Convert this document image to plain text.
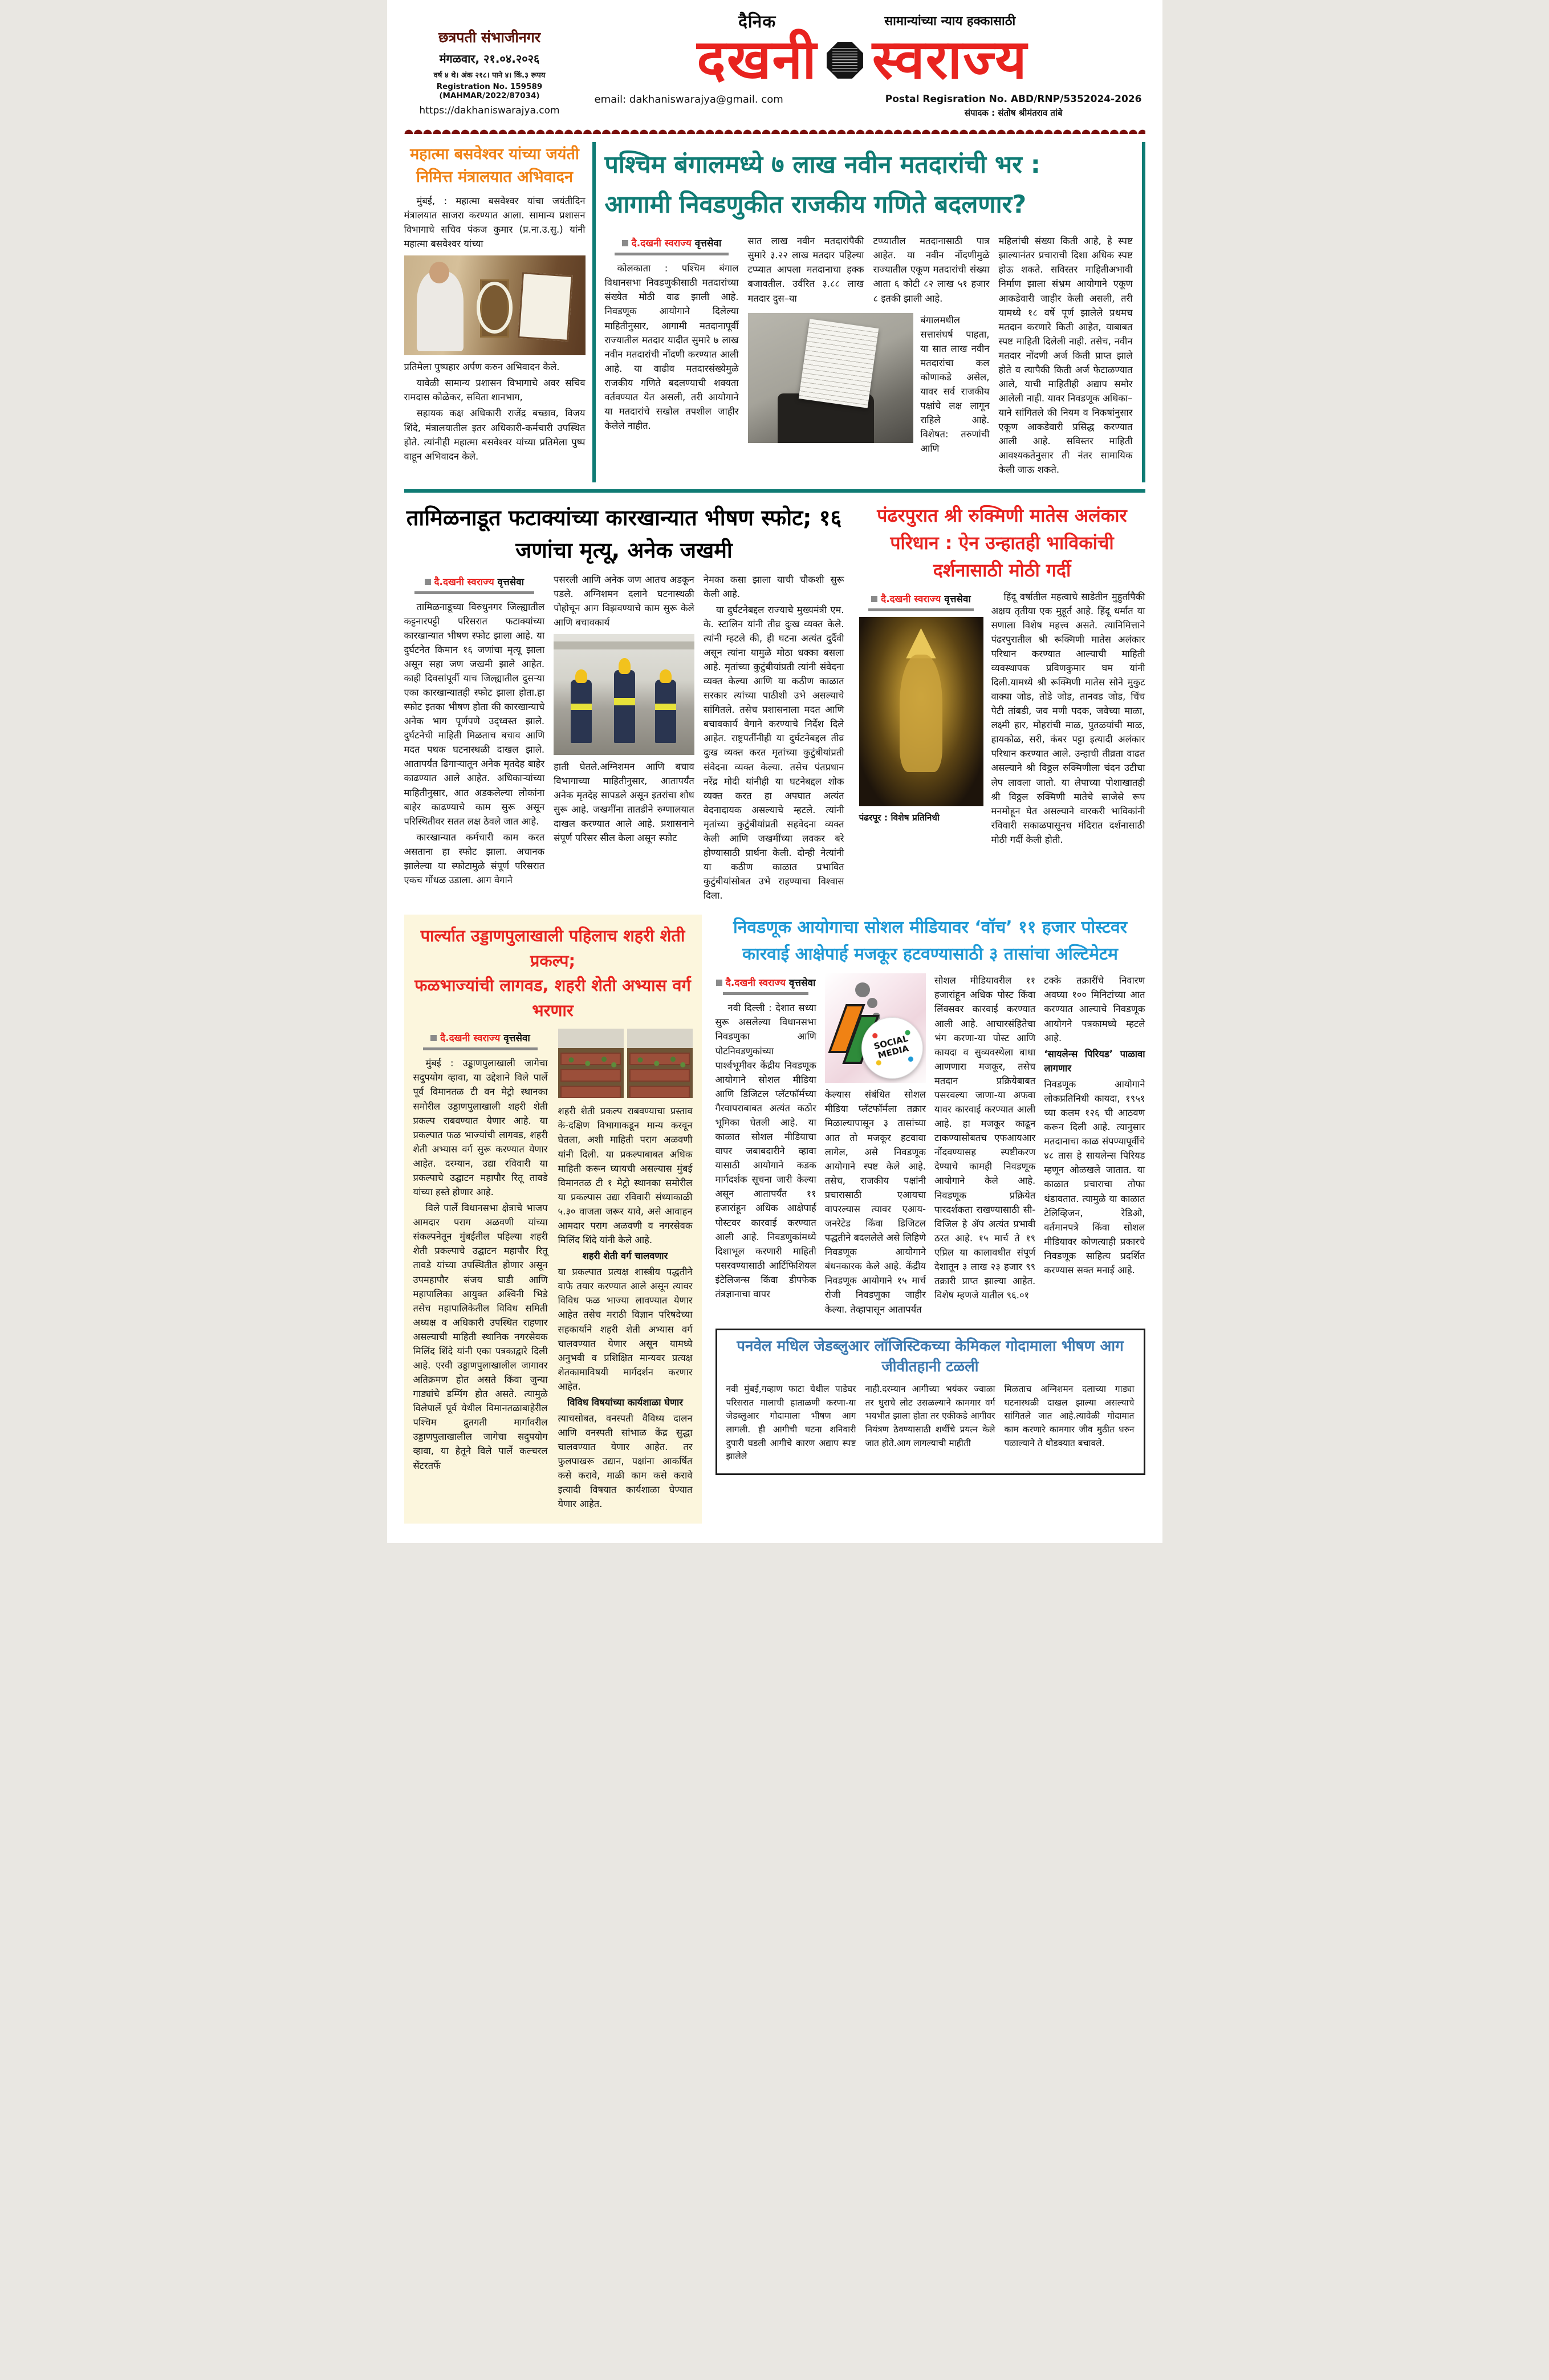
छत्रपती संभाजीनगर
मंगळवार, २१.०४.२०२६
वर्ष ४ थे। अंक २१८। पाने ४। किं.३ रूपय
Registration No. 159589 (MAHMAR/2022/87034)
https://dakhaniswarajya.com
दैनिक
दखनी
सामान्यांच्या न्याय हक्कासाठी
स्वराज्य
email: dakhaniswarajya@gmail. com	Postal Regisration No. ABD/RNP/5352024-2026
संपादक : संतोष श्रीमंतराव तांबे
महात्मा बसवेश्वर यांच्या जयंती निमित्त मंत्रालयात अभिवादन

मुंबई, : महात्मा बसवेश्वर यांचा जयंतीदिन मंत्रालयात साजरा करण्यात आला. सामान्य प्रशासन विभागाचे सचिव पंकज कुमार (प्र.ना.उ.सु.) यांनी महात्मा बसवेश्वर यांच्या

प्रतिमेला पुष्पहार अर्पण करुन अभिवादन केले.

यावेळी सामान्य प्रशासन विभागाचे अवर सचिव रामदास कोळेकर, सविता शानभाग,

सहायक कक्ष अधिकारी राजेंद्र बच्छाव, विजय शिंदे, मंत्रालयातील इतर अधिकारी-कर्मचारी उपस्थित होते. त्यांनीही महात्मा बसवेश्वर यांच्या प्रतिमेला पुष्प वाहून अभिवादन केले.

पश्चिम बंगालमध्ये ७ लाख नवीन मतदारांची भर :
आगामी निवडणुकीत राजकीय गणिते बदलणार?
दै.दखनी स्वराज्य वृत्तसेवा

कोलकाता : पश्चिम बंगाल विधानसभा निवडणुकीसाठी मतदारांच्या संख्येत मोठी वाढ झाली आहे. निवडणूक आयोगाने दिलेल्या माहितीनुसार, आगामी मतदानापूर्वी राज्यातील मतदार यादीत सुमारे ७ लाख नवीन मतदारांची नोंदणी करण्यात आली आहे. या वाढीव मतदारसंख्येमुळे राजकीय गणिते बदलण्याची शक्यता वर्तवण्यात येत असली, तरी आयोगाने या मतदारांचे सखोल तपशील जाहीर केलेले नाहीत.

सात लाख नवीन मतदारांपैकी सुमारे ३.२२ लाख मतदार पहिल्या टप्प्यात आपला मतदानाचा हक्क बजावतील. उर्वरित ३.८८ लाख मतदार दुस–या

टप्प्यातील मतदानासाठी पात्र आहेत. या नवीन नोंदणीमुळे राज्यातील एकूण मतदारांची संख्या आता ६ कोटी ८२ लाख ५१ हजार ८ इतकी झाली आहे.

बंगालमधील सत्तासंघर्ष पाहता, या सात लाख नवीन मतदारांचा कल कोणाकडे असेल, यावर सर्व राजकीय पक्षांचे लक्ष लागून राहिले आहे. विशेषत: तरुणांची आणि

महिलांची संख्या किती आहे, हे स्पष्ट झाल्यानंतर प्रचाराची दिशा अधिक स्पष्ट होऊ शकते. सविस्तर माहितीअभावी निर्माण झाला संभ्रम आयोगाने एकूण आकडेवारी जाहीर केली असली, तरी यामध्ये १८ वर्षे पूर्ण झालेले प्रथमच मतदान करणारे किती आहेत, याबाबत स्पष्ट माहिती दिलेली नाही. तसेच, नवीन मतदार नोंदणी अर्ज किती प्राप्त झाले होते व त्यापैकी किती अर्ज फेटाळण्यात आले, याची माहितीही अद्याप समोर आलेली नाही. यावर निवडणूक अधिका–याने सांगितले की नियम व निकषांनुसार एकूण आकडेवारी प्रसिद्ध करण्यात आली आहे. सविस्तर माहिती आवश्यकतेनुसार ती नंतर सामायिक केली जाऊ शकते.

तामिळनाडूत फटाक्यांच्या कारखान्यात भीषण स्फोट; १६ जणांचा मृत्यू, अनेक जखमी
दै.दखनी स्वराज्य वृत्तसेवा

तामिळनाडूच्या विरुधुनगर जिल्ह्यातील कट्टनारपट्टी परिसरात फटाक्यांच्या कारखान्यात भीषण स्फोट झाला आहे. या दुर्घटनेत किमान १६ जणांचा मृत्यू झाला असून सहा जण जखमी झाले आहेत. काही दिवसांपूर्वी याच जिल्ह्यातील दुसऱ्या एका कारखान्यातही स्फोट झाला होता.हा स्फोट इतका भीषण होता की कारखान्याचे अनेक भाग पूर्णपणे उद्ध्वस्त झाले. दुर्घटनेची माहिती मिळताच बचाव आणि मदत पथक घटनास्थळी दाखल झाले. आतापर्यंत ढिगाऱ्यातून अनेक मृतदेह बाहेर काढण्यात आले आहेत. अधिकाऱ्यांच्या माहितीनुसार, आत अडकलेल्या लोकांना बाहेर काढण्याचे काम सुरू असून परिस्थितीवर सतत लक्ष ठेवले जात आहे.

कारखान्यात कर्मचारी काम करत असताना हा स्फोट झाला. अचानक झालेल्या या स्फोटामुळे संपूर्ण परिसरात एकच गोंधळ उडाला. आग वेगाने

पसरली आणि अनेक जण आतच अडकून पडले. अग्निशमन दलाने घटनास्थळी पोहोचून आग विझवण्याचे काम सुरू केले आणि बचावकार्य

हाती घेतले.अग्निशमन आणि बचाव विभागाच्या माहितीनुसार, आतापर्यंत अनेक मृतदेह सापडले असून इतरांचा शोध सुरू आहे. जखमींना तातडीने रुग्णालयात दाखल करण्यात आले आहे. प्रशासनाने संपूर्ण परिसर सील केला असून स्फोट

नेमका कसा झाला याची चौकशी सुरू केली आहे.

या दुर्घटनेबद्दल राज्याचे मुख्यमंत्री एम. के. स्टालिन यांनी तीव्र दुःख व्यक्त केले. त्यांनी म्हटले की, ही घटना अत्यंत दुर्दैवी असून त्यांना यामुळे मोठा धक्का बसला आहे. मृतांच्या कुटुंबीयांप्रती त्यांनी संवेदना व्यक्त केल्या आणि या कठीण काळात सरकार त्यांच्या पाठीशी उभे असल्याचे सांगितले. तसेच प्रशासनाला मदत आणि बचावकार्य वेगाने करण्याचे निर्देश दिले आहेत. राष्ट्रपतींनीही या दुर्घटनेबद्दल तीव्र दुःख व्यक्त करत मृतांच्या कुटुंबीयांप्रती संवेदना व्यक्त केल्या. तसेच पंतप्रधान नरेंद्र मोदी यांनीही या घटनेबद्दल शोक व्यक्त करत हा अपघात अत्यंत वेदनादायक असल्याचे म्हटले. त्यांनी मृतांच्या कुटुंबीयांप्रती सहवेदना व्यक्त केली आणि जखमींच्या लवकर बरे होण्यासाठी प्रार्थना केली. दोन्ही नेत्यांनी या कठीण काळात प्रभावित कुटुंबीयांसोबत उभे राहण्याचा विश्वास दिला.

पंढरपुरात श्री रुक्मिणी मातेस अलंकार परिधान : ऐन उन्हातही भाविकांची दर्शनासाठी मोठी गर्दी
दै.दखनी स्वराज्य वृत्तसेवा
पंढरपूर : विशेष प्रतिनिधी

हिंदू वर्षातील महत्वाचे साडेतीन मुहुर्तापैकी अक्षय तृतीया एक मुहूर्त आहे. हिंदू धर्मात या सणाला विशेष महत्त्व असते. त्यानिमित्ताने पंढरपुरातील श्री रूक्मिणी मातेस अलंकार परिधान करण्यात आल्याची माहिती व्यवस्थापक प्रविणकुमार घम यांनी दिली.यामध्ये श्री रूक्मिणी मातेस सोने मुकुट वाक्या जोड, तोडे जोड, तानवड जोड, चिंच पेटी तांबडी, जव मणी पदक, जवेच्या माळा, लक्ष्मी हार, मोहरांची माळ, पुतळयांची माळ, हायकोळ, सरी, कंबर पट्टा इत्यादी अलंकार परिधान करण्यात आले. उन्हाची तीव्रता वाढत असल्याने श्री विठ्ठल रुक्मिणीला चंदन उटीचा लेप लावला जातो. या लेपाच्या पोशाखातही श्री विठ्ठल रुक्मिणी मातेचे साजेसे रूप मनमोहून घेत असल्याने वारकरी भाविकांनी रविवारी सकाळपासूनच मंदिरात दर्शनासाठी मोठी गर्दी केली होती.

पार्ल्यात उड्डाणपुलाखाली पहिलाच शहरी शेती प्रकल्प;
फळभाज्यांची लागवड, शहरी शेती अभ्यास वर्ग भरणार
दै.दखनी स्वराज्य वृत्तसेवा

मुंबई : उड्डाणपुलाखाली जागेचा सदुपयोग व्हावा, या उद्देशाने विले पार्ले पूर्व विमानतळ टी वन मेट्रो स्थानका समोरील उड्डाणपुलाखाली शहरी शेती प्रकल्प राबवण्यात येणार आहे. या प्रकल्पात फळ भाज्यांची लागवड, शहरी शेती अभ्यास वर्ग सुरू करण्यात येणार आहेत. दरम्यान, उद्या रविवारी या प्रकल्पाचे उद्घाटन महापौर रितू तावडे यांच्या हस्ते होणार आहे.

विले पार्ले विधानसभा क्षेत्राचे भाजप आमदार पराग अळवणी यांच्या संकल्पनेतून मुंबईतील पहिल्या शहरी शेती प्रकल्पाचे उद्घाटन महापौर रितू तावडे यांच्या उपस्थितीत होणार असून उपमहापौर संजय घाडी आणि महापालिका आयुक्त अश्विनी भिडे तसेच महापालिकेतील विविध समिती अध्यक्ष व अधिकारी उपस्थित राहणार असल्याची माहिती स्थानिक नगरसेवक मिलिंद शिंदे यांनी एका पत्रकाद्वारे दिली आहे. एरवी उड्डाणपुलाखालील जागावर अतिक्रमण होत असते किंवा जुन्या गाड्यांचे डम्पिंग होत असते. त्यामुळे विलेपार्ले पूर्व येथील विमानतळाबाहेरील पश्चिम द्रुतगती मार्गावरील उड्डाणपुलाखालील जागेचा सदुपयोग व्हावा, या हेतूने विले पार्ले कल्चरल सेंटरतर्फे

शहरी शेती प्रकल्प राबवण्याचा प्रस्ताव के-दक्षिण विभागाकडून मान्य करवून घेतला, अशी माहिती पराग अळवणी यांनी दिली. या प्रकल्पाबाबत अधिक माहिती करून घ्यायची असल्यास मुंबई विमानतळ टी १ मेट्रो स्थानका समोरील या प्रकल्पास उद्या रविवारी संध्याकाळी ५.३० वाजता जरूर यावे, असे आवाहन आमदार पराग अळवणी व नगरसेवक मिलिंद शिंदे यांनी केले आहे.

शहरी शेती वर्ग चालवणार

या प्रकल्पात प्रत्यक्ष शास्त्रीय पद्धतीने वाफे तयार करण्यात आले असून त्यावर विविध फळ भाज्या लावण्यात येणार आहेत तसेच मराठी विज्ञान परिषदेच्या सहकार्याने शहरी शेती अभ्यास वर्ग चालवण्यात येणार असून यामध्ये अनुभवी व प्रशिक्षित मान्यवर प्रत्यक्ष शेतकामाविषयी मार्गदर्शन करणार आहेत.

विविध विषयांच्या कार्यशाळा घेणार

त्याचसोबत, वनस्पती वैविध्य दालन आणि वनस्पती सांभाळ केंद्र सुद्धा चालवण्यात येणार आहेत. तर फुलपाखरू उद्यान, पक्षांना आकर्षित कसे करावे, माळी काम कसे करावे इत्यादी विषयात कार्यशाळा घेण्यात येणार आहेत.

निवडणूक आयोगाचा सोशल मीडियावर ‘वॉच’ ११ हजार पोस्टवर
कारवाई आक्षेपार्ह मजकूर हटवण्यासाठी ३ तासांचा अल्टिमेटम
दै.दखनी स्वराज्य वृत्तसेवा

नवी दिल्ली : देशात सध्या सुरू असलेल्या विधानसभा निवडणुका आणि पोटनिवडणुकांच्या पार्श्वभूमीवर केंद्रीय निवडणूक आयोगाने सोशल मीडिया आणि डिजिटल प्लॅटफॉर्मच्या गैरवापराबाबत अत्यंत कठोर भूमिका घेतली आहे. या काळात सोशल मीडियाचा वापर जबाबदारीने व्हावा यासाठी आयोगाने कडक मार्गदर्शक सूचना जारी केल्या असून आतापर्यंत ११ हजारांहून अधिक आक्षेपार्ह पोस्टवर कारवाई करण्यात आली आहे. निवडणुकांमध्ये दिशाभूल करणारी माहिती पसरवण्यासाठी आर्टिफिशियल इंटेलिजन्स किंवा डीपफेक तंत्रज्ञानाचा वापर

SOCIAL MEDIA

केल्यास संबंधित सोशल मीडिया प्लॅटफॉर्मला तक्रार मिळाल्यापासून ३ तासांच्या आत तो मजकूर हटवावा लागेल, असे निवडणूक आयोगाने स्पष्ट केले आहे. तसेच, राजकीय पक्षांनी प्रचारासाठी एआयचा वापरल्यास त्यावर एआय-जनरेटेड किंवा डिजिटल पद्धतीने बदललेले असे लिहिणे निवडणूक आयोगाने बंधनकारक केले आहे. केंद्रीय निवडणूक आयोगाने १५ मार्च रोजी निवडणुका जाहीर केल्या. तेव्हापासून आतापर्यंत

सोशल मीडियावरील ११ हजारांहून अधिक पोस्ट किंवा लिंक्सवर कारवाई करण्यात आली आहे. आचारसंहितेचा भंग करणा-या पोस्ट आणि कायदा व सुव्यवस्थेला बाधा आणणारा मजकूर, तसेच मतदान प्रक्रियेबाबत पसरवल्या जाणा-या अफवा यावर कारवाई करण्यात आली आहे. हा मजकूर काढून टाकण्यासोबतच एफआयआर नोंदवण्यासह स्पष्टीकरण देण्याचे कामही निवडणूक आयोगाने केले आहे. निवडणूक प्रक्रियेत पारदर्शकता राखण्यासाठी सी-विजिल हे ॲप अत्यंत प्रभावी ठरत आहे. १५ मार्च ते १९ एप्रिल या कालावधीत संपूर्ण देशातून ३ लाख २३ हजार ९९ तक्रारी प्राप्त झाल्या आहेत. विशेष म्हणजे यातील ९६.०१

टक्के तक्रारींचे निवारण अवघ्या १०० मिनिटांच्या आत करण्यात आल्याचे निवडणूक आयोगने पत्रकामध्ये म्हटले आहे.

‘सायलेन्स पिरियड’ पाळावा लागणार

निवडणूक आयोगाने लोकप्रतिनिधी कायदा, १९५१ च्या कलम १२६ ची आठवण करून दिली आहे. त्यानुसार मतदानाचा काळ संपण्यापूर्वीचे ४८ तास हे सायलेन्स पिरियड म्हणून ओळखले जातात. या काळात प्रचाराचा तोफा थंडावतात. त्यामुळे या काळात टेलिव्हिजन, रेडिओ, वर्तमानपत्रे किंवा सोशल मीडियावर कोणत्याही प्रकारचे निवडणूक साहित्य प्रदर्शित करण्यास सक्त मनाई आहे.

पनवेल मधिल जेडब्लुआर लॉजिस्टिकच्या केमिकल गोदामाला भीषण आग जीवीतहानी टळली

नवी मुंबई,गव्हाण फाटा येथील पाडेघर परिसरात मालाची हाताळणी करणा-या जेडब्लुआर गोदामाला भीषण आग लागली. ही आगीची घटना शनिवारी दुपारी घडली आगीचे कारण अद्याप स्पष्ट झालेले

नाही.दरम्यान आगीच्या भयंकर ज्वाळा तर धुराचे लोट उसळल्याने कामगार वर्ग भयभीत झाला होता तर एकीकडे आगीवर नियंत्रण ठेवण्यासाठी शर्थीचे प्रयत्न केले जात होते.आग लागल्याची माहीती

मिळताच अग्निशमन दलाच्या गाड्या घटनास्थळी दाखल झाल्या असल्याचे सांगितले जात आहे.त्यावेळी गोदामात काम करणारे कामगार जीव मुठीत धरुन पळाल्याने ते थोडक्यात बचावले.
